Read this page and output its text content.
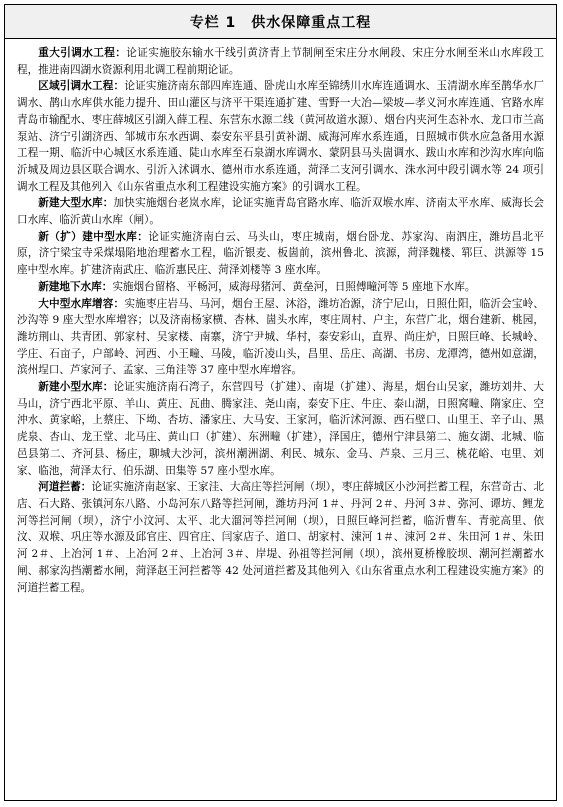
专栏 1　供水保障重点工程

重大引调水工程：论证实施胶东输水干线引黄济青上节制闸至宋庄分水闸段、宋庄分水闸至米山水库段工程，推进南四湖水资源利用北调工程前期论证。

区域引调水工程：论证实施济南东部四库连通、卧虎山水库至锦绣川水库连通调水、玉清湖水库至鹊华水厂调水、鹊山水库供水能力提升、田山灌区与济平干渠连通扩建、雪野一大冶—梁坡—孝义河水库连通、官路水库青岛市输配水、枣庄薛城区引湖入薛工程、东营东水源二线（黄河故道水源）、烟台内夹河生态补水、龙口市兰高泵站、济宁引湖济西、邹城市东水西调、泰安东平县引黄补湖、威海河库水系连通，日照城市供水应急备用水源工程一期、临沂中心城区水系连通、陡山水库至石泉湖水库调水、蒙阴县马头崮调水、跋山水库和沙沟水库向临沂城及周边县区联合调水、引沂入沭调水、德州市水系连通，菏泽二支河引调水、洙水河中段引调水等 24 项引调水工程及其他列入《山东省重点水利工程建设实施方案》的引调水工程。

新建大型水库：加快实施烟台老岚水库，论证实施青岛官路水库、临沂双堠水库、济南太平水库、威海长会口水库、临沂黄山水库（闸）。

新（扩）建中型水库：论证实施济南白云、马头山，枣庄城南，烟台卧龙、苏家沟、南泗庄，潍坊昌北平原，济宁梁宝寺采煤塌陷地治理蓄水工程，临沂银麦、板崮前，滨州鲁北、滨源，菏泽魏楼、郓巨、洪源等 15 座中型水库。扩建济南武庄、临沂惠民庄、菏泽刘楼等 3 座水库。

新建地下水库：实施烟台留格、平畅河，威海母猪河、黄垒河，日照傅疃河等 5 座地下水库。

大中型水库增容：实施枣庄岩马、马河，烟台王屋、沐浴，潍坊冶源，济宁尼山，日照仕阳，临沂会宝岭、沙沟等 9 座大型水库增容；以及济南杨家横、杏林、崮头水库，枣庄周村、户主，东营广北，烟台建新、桃园，潍坊荆山、共青团、郭家村、吴家楼、南寨，济宁尹城、华村，泰安彩山，直界、尚庄炉，日照巨峰、长城岭、学庄、石亩子，户部岭、河西、小王疃、马陵，临沂凌山头，昌里、岳庄、高湖、书房、龙潭湾，德州如意湖，滨州埕口、芦家河子、孟家、三角洼等 37 座中型水库增容。

新建小型水库：论证实施济南石湾子，东营四号（扩建）、南堤（扩建）、海星，烟台山吴家，潍坊刘井、大马山，济宁西北平原、羊山、黄庄、瓦曲、腾家洼、尧山南，泰安下庄、牛庄、泰山湖，日照窝疃、隋家庄、空沖水、黄家峪，上蔡庄、下坳、杏坊、潘家庄、大马安、王家河，临沂沭河源、西石壁口、山里王、辛子山、黑虎泉、杏山、龙王堂、北马庄、黄山口（扩建）、东洲疃（扩建），泽国庄，德州宁津县第二、施女湖、北城、临邑县第二、齐河县、杨庄，聊城大沙河，滨州潮洲湖、利民、城东、金马、芦泉、三月三、桃花峪、屯里、刘家、临池，菏泽太行、伯乐湖、田集等 57 座小型水库。

河道拦蓄：论证实施济南赵家、王家洼、大高庄等拦河闸（坝），枣庄薛城区小沙河拦蓄工程，东营奇古、北店、石大路、张镇河东八路、小岛河东八路等拦河闸，潍坊丹河 1＃、丹河 2＃、丹河 3＃、弥河、谭坊、鲤龙河等拦河闸（坝），济宁小汶河、太平、北大溜河等拦河闸（坝），日照巨峰河拦蓄，临沂曹车、青驼高里、依汶、双堠、巩庄等水源及邱官庄、四官庄、闫家店子、道口、胡家村、涑河 1＃、涑河 2＃、朱田河 1＃、朱田河 2＃、上冶河 1＃、上冶河 2＃、上冶河 3＃、岸堤、孙祖等拦河闸（坝），滨州夏桥橡胶坝、潮河拦潮蓄水闸、郝家沟挡潮蓄水闸，菏泽赵王河拦蓄等 42 处河道拦蓄及其他列入《山东省重点水利工程建设实施方案》的河道拦蓄工程。
